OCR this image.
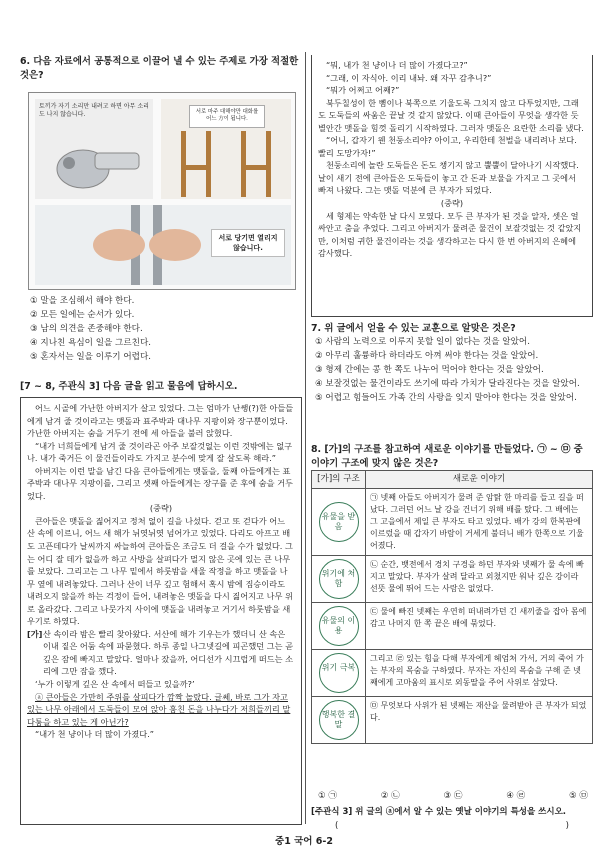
6. 다음 자료에서 공통적으로 이끌어 낼 수 있는 주제로 가장 적절한 것은?
토끼가 자기 소리만 내려고 하면 아무 소리도 나지 않습니다.	서로 마주 대해야만 대화를 어느 方이 됩니다.
서로 당기면 열리지 않습니다.
① 말을 조심해서 해야 한다.
② 모든 일에는 순서가 있다.
③ 남의 의견을 존중해야 한다.
④ 지나친 욕심이 일을 그르친다.
⑤ 혼자서는 일을 이루기 어렵다.
[7 ~ 8, 주관식 3] 다음 글을 읽고 물음에 답하시오.

어느 시골에 가난한 아버지가 살고 있었다. 그는 엄마가 난쌩(?)한 아들들에게 남겨 줄 것이라고는 맷돌과 표주박과 대나무 지팡이와 장구뿐이었다. 가난한 아버지는 숨을 거두기 전에 세 아들을 불러 앉혔다.

“내가 너희들에게 남겨 줄 것이라곤 아주 보잘것없는 이런 것밖에는 없구나. 내가 죽거든 이 물건들이라도 가지고 분수에 맞게 잘 살도록 해라.”

아버지는 이런 말을 남긴 다음 큰아들에게는 맷돌을, 둘째 아들에게는 표주박과 대나무 지팡이를, 그리고 셋째 아들에게는 장구를 준 후에 숨을 거두었다.

(중략)

큰아들은 맷돌을 짊어지고 정처 없이 길을 나섰다. 걷고 또 걷다가 어느 산 속에 이르니, 어느 새 해가 뉘엿뉘엿 넘어가고 있었다. 다리도 아프고 배도 고픈데다가 날씨까지 싸늘하여 큰아들은 조금도 더 걸을 수가 없었다. 그는 어디 잘 데가 없을까 하고 사방을 살펴다가 멀지 않은 곳에 있는 큰 나무를 보았다. 그리고는 그 나무 밑에서 하룻밤을 새울 작정을 하고 맷돌을 나무 옆에 내려놓았다. 그러나 산이 너무 깊고 험해서 혹시 밤에 짐승이라도 내려오지 않을까 하는 걱정이 들어, 내려놓은 맷돌을 다시 짊어지고 나무 위로 올라갔다. 그리고 나뭇가지 사이에 맷돌을 내려놓고 거기서 하룻밤을 새우기로 하였다.

[가] 산 속이라 밤은 빨리 찾아왔다. 서산에 해가 기우는가 했더니 산 속은 이내 짙은 어둠 속에 파묻혔다. 하루 종일 나그넷길에 피곤했던 그는 곧 깊은 잠에 빠지고 말았다. 얼마나 잤을까, 어디선가 시끄럽게 떠드는 소리에 그만 잠을 깼다.

‘누가 이렇게 깊은 산 속에서 떠들고 있을까?’

ⓐ 큰아들은 가만히 주위를 살피다가 깜짝 놀랐다. 글쎄, 바로 그가 자고 있는 나무 아래에서 도둑들이 모여 앉아 훔친 돈을 나누다가 저희들끼리 말다툼을 하고 있는 게 아닌가?

“내가 천 냥이나 더 많이 가졌다.”

“뭐, 내가 천 냥이나 더 많이 가졌다고?”

“그래, 이 자식아. 이리 내놔. 왜 자꾸 감추니?”

“뭐가 어쩌고 어째?”

북두칠성이 한 뼘이나 북쪽으로 기울도록 그치지 않고 다투었지만, 그래도 도둑들의 싸움은 끝날 것 같지 않았다. 이때 큰아들이 무엇을 생각한 듯 별안간 맷돌을 힘껏 돌리기 시작하였다. 그러자 맷돌은 요란한 소리를 냈다.

“어니, 갑자기 웬 천둥소리야? 아이고, 우리한테 천벌을 내리려나 보다. 빨리 도망가자!”

천둥소리에 놀란 도둑들은 돈도 챙기지 않고 뿔뿔이 달아나기 시작했다. 날이 새기 전에 큰아들은 도둑들이 놓고 간 돈과 보물을 가지고 그 곳에서 빠져 나왔다. 그는 맷돌 덕분에 큰 부자가 되었다.

(중략)

세 형제는 약속한 날 다시 모였다. 모두 큰 부자가 된 것을 알자, 셋은 얼싸안고 춤을 추었다. 그리고 아버지가 물려준 물건이 보잘것없는 것 같았지만, 이처럼 귀한 물건이라는 것을 생각하고는 다시 한 번 아버지의 은혜에 감사했다.

7. 위 글에서 얻을 수 있는 교훈으로 알맞은 것은?
① 사람의 노력으로 이루지 못할 일이 없다는 것을 알았어.
② 아무리 훌륭하다 하더라도 아껴 써야 한다는 것을 알았어.
③ 형제 간에는 콩 한 쪽도 나누어 먹어야 한다는 것을 알았어.
④ 보잘것없는 물건이라도 쓰기에 따라 가치가 달라진다는 것을 알았어.
⑤ 어렵고 힘들어도 가족 간의 사랑을 잊지 말아야 한다는 것을 알았어.
8. [가]의 구조를 참고하여 새로운 이야기를 만들었다. ㉠ ~ ㉤ 중 이야기 구조에 맞지 않은 것은?
[가]의 구조	새로운 이야기
유물을 받음	㉠ 넷째 아들도 아버지가 물려 준 암탉 한 마리를 들고 길을 떠났다. 그러던 어느 날 강을 건너기 위해 배를 탔다. 그 배에는 그 고을에서 제일 큰 부자도 타고 있었다. 배가 강의 한복판에 이르렀을 때 갑자기 바람이 거세게 불더니 배가 한쪽으로 기울어졌다.
위기에 처함	㉡ 순간, 뱃전에서 경치 구경을 하던 부자와 넷째가 물 속에 빠지고 말았다. 부자가 살려 달라고 외쳤지만 워낙 깊은 강이라 선뜻 물에 뛰어 드는 사람은 없었다.
유물의 이용	㉢ 물에 빠진 넷째는 우연히 떠내려가던 긴 새끼줄을 잡아 몸에 감고 나머지 한 쪽 끝은 배에 묶었다.
위기 극복	그리고 ㉣ 있는 힘을 다해 부자에게 헤엄쳐 가서, 거의 죽어 가는 부자의 목숨을 구하였다. 부자는 자신의 목숨을 구해 준 넷째에게 고마움의 표시로 외동딸을 주어 사위로 삼았다.
행복한 결말	㉤ 무엇보다 사위가 된 넷째는 재산을 물려받아 큰 부자가 되었다.
① ㉠	② ㉡	③ ㉢	④ ㉣	⑤ ㉤
[주관식 3] 위 글의 ⓐ에서 알 수 있는 옛날 이야기의 특성을 쓰시오.
(	)
중1 국어 6-2
